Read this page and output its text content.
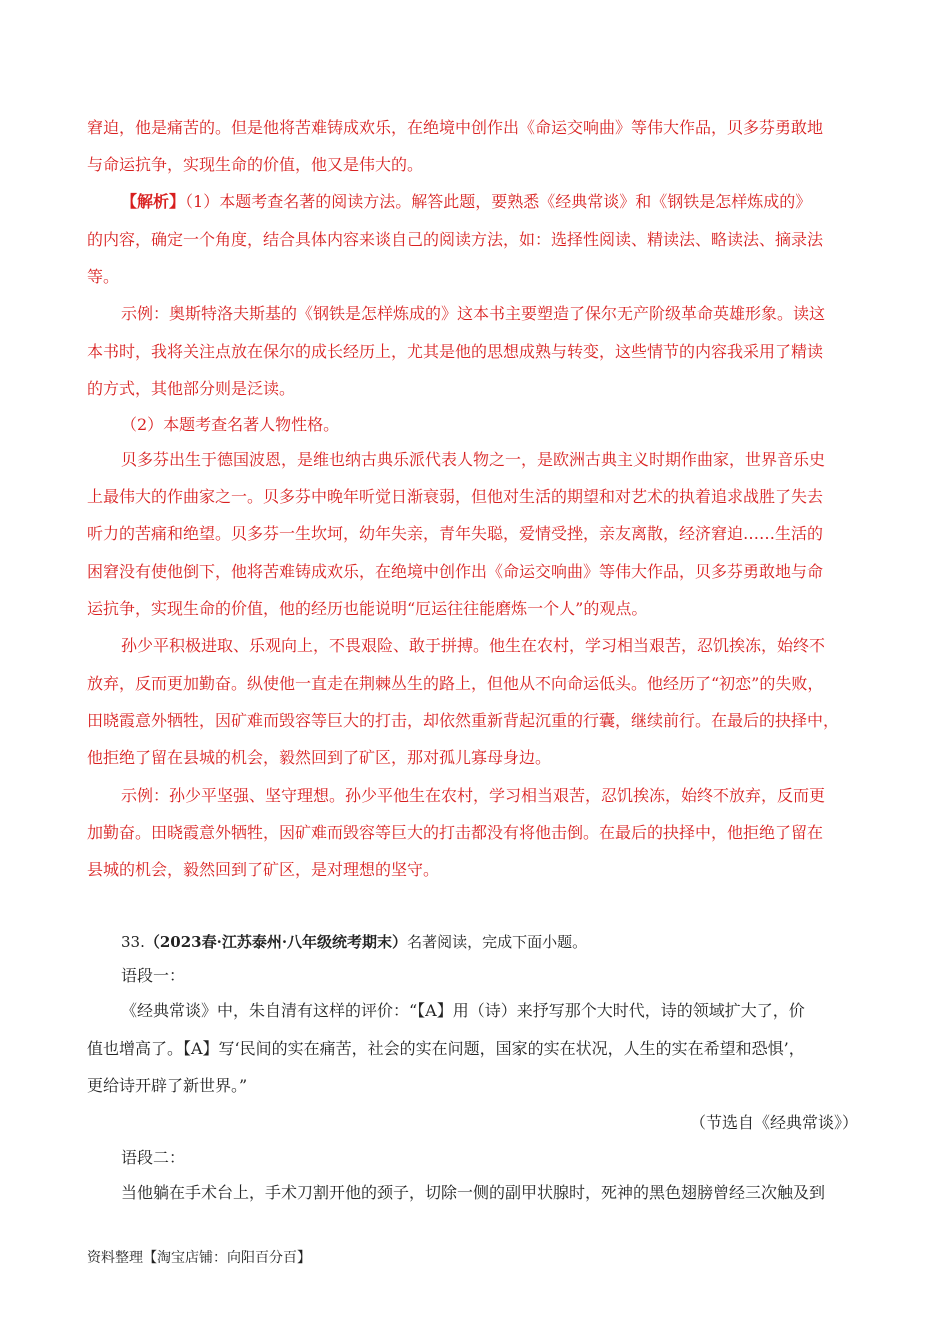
窘迫，他是痛苦的。但是他将苦难铸成欢乐，在绝境中创作出《命运交响曲》等伟大作品，贝多芬勇敢地
与命运抗争，实现生命的价值，他又是伟大的。
【解析】（1）本题考查名著的阅读方法。解答此题，要熟悉《经典常谈》和《钢铁是怎样炼成的》
的内容，确定一个角度，结合具体内容来谈自己的阅读方法，如：选择性阅读、精读法、略读法、摘录法
等。
示例：奥斯特洛夫斯基的《钢铁是怎样炼成的》这本书主要塑造了保尔无产阶级革命英雄形象。读这
本书时，我将关注点放在保尔的成长经历上，尤其是他的思想成熟与转变，这些情节的内容我采用了精读
的方式，其他部分则是泛读。
（2）本题考查名著人物性格。
贝多芬出生于德国波恩，是维也纳古典乐派代表人物之一，是欧洲古典主义时期作曲家，世界音乐史
上最伟大的作曲家之一。贝多芬中晚年听觉日渐衰弱，但他对生活的期望和对艺术的执着追求战胜了失去
听力的苦痛和绝望。贝多芬一生坎坷，幼年失亲，青年失聪，爱情受挫，亲友离散，经济窘迫……生活的
困窘没有使他倒下，他将苦难铸成欢乐，在绝境中创作出《命运交响曲》等伟大作品，贝多芬勇敢地与命
运抗争，实现生命的价值，他的经历也能说明“厄运往往能磨炼一个人”的观点。
孙少平积极进取、乐观向上，不畏艰险、敢于拼搏。他生在农村，学习相当艰苦，忍饥挨冻，始终不
放弃，反而更加勤奋。纵使他一直走在荆棘丛生的路上，但他从不向命运低头。他经历了“初恋”的失败，
田晓霞意外牺牲，因矿难而毁容等巨大的打击，却依然重新背起沉重的行囊，继续前行。在最后的抉择中，
他拒绝了留在县城的机会，毅然回到了矿区，那对孤儿寡母身边。
示例：孙少平坚强、坚守理想。孙少平他生在农村，学习相当艰苦，忍饥挨冻，始终不放弃，反而更
加勤奋。田晓霞意外牺牲，因矿难而毁容等巨大的打击都没有将他击倒。在最后的抉择中，他拒绝了留在
县城的机会，毅然回到了矿区，是对理想的坚守。
33.（2023春·江苏泰州·八年级统考期末）名著阅读，完成下面小题。
语段一：
《经典常谈》中，朱自清有这样的评价：“【A】用（诗）来抒写那个大时代，诗的领域扩大了，价
值也增高了。【A】写‘民间的实在痛苦，社会的实在问题，国家的实在状况，人生的实在希望和恐惧’，
更给诗开辟了新世界。”
（节选自《经典常谈》）
语段二：
当他躺在手术台上，手术刀割开他的颈子，切除一侧的副甲状腺时，死神的黑色翅膀曾经三次触及到
资料整理【淘宝店铺：向阳百分百】
